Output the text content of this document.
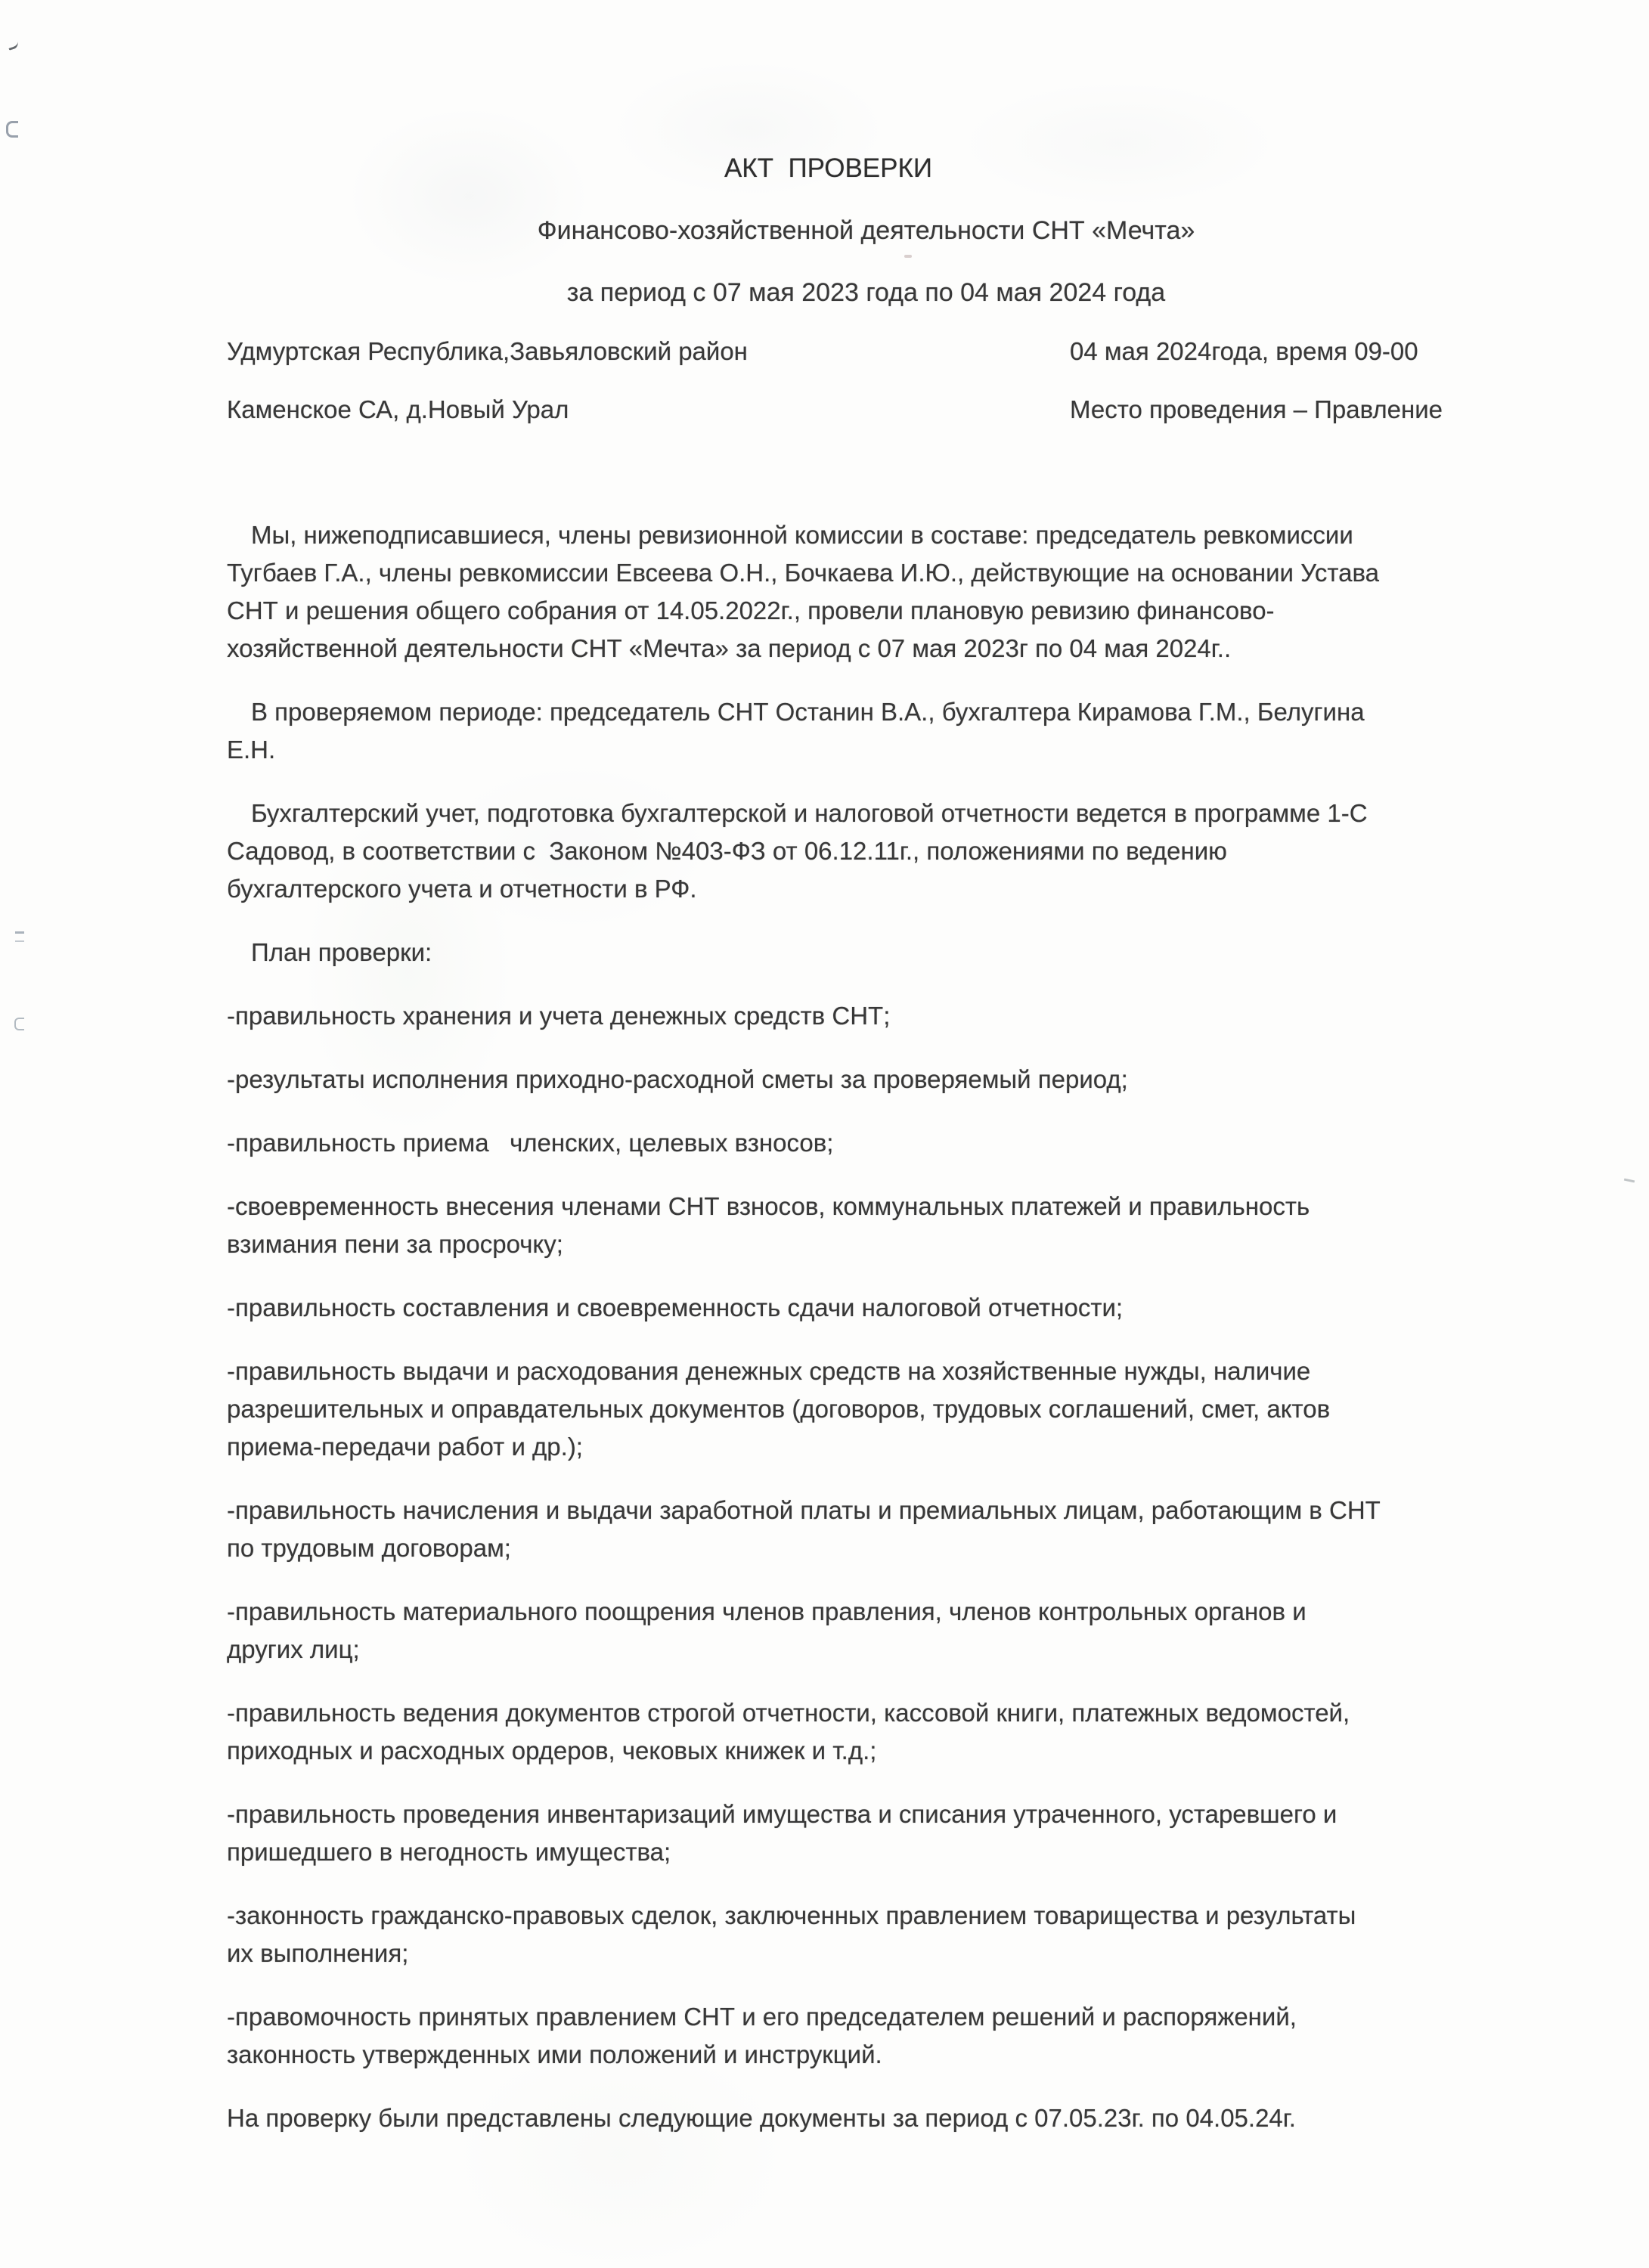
АКТ  ПРОВЕРКИ
Финансово-хозяйственной деятельности СНТ «Мечта»
за период с 07 мая 2023 года по 04 мая 2024 года

Удмуртская Республика,Завьяловский район

	04 мая 2024года, время 09-00

Каменское СА, д.Новый Урал

	Место проведения – Правление

Мы, нижеподписавшиеся, члены ревизионной комиссии в составе: председатель ревкомиссии
Тугбаев Г.А., члены ревкомиссии Евсеева О.Н., Бочкаева И.Ю., действующие на основании Устава
СНТ и решения общего собрания от 14.05.2022г., провели плановую ревизию финансово-
хозяйственной деятельности СНТ «Мечта» за период с 07 мая 2023г по 04 мая 2024г..
В проверяемом периоде: председатель СНТ Останин В.А., бухгалтера Кирамова Г.М., Белугина
Е.Н.
Бухгалтерский учет, подготовка бухгалтерской и налоговой отчетности ведется в программе 1-С
Садовод, в соответствии с  Законом №403-ФЗ от 06.12.11г., положениями по ведению
бухгалтерского учета и отчетности в РФ.
План проверки:
-правильность хранения и учета денежных средств СНТ;
-результаты исполнения приходно-расходной сметы за проверяемый период;
-правильность приема   членских, целевых взносов;
-своевременность внесения членами СНТ взносов, коммунальных платежей и правильность
взимания пени за просрочку;
-правильность составления и своевременность сдачи налоговой отчетности;
-правильность выдачи и расходования денежных средств на хозяйственные нужды, наличие
разрешительных и оправдательных документов (договоров, трудовых соглашений, смет, актов
приема-передачи работ и др.);
-правильность начисления и выдачи заработной платы и премиальных лицам, работающим в СНТ
по трудовым договорам;
-правильность материального поощрения членов правления, членов контрольных органов и
других лиц;
-правильность ведения документов строгой отчетности, кассовой книги, платежных ведомостей,
приходных и расходных ордеров, чековых книжек и т.д.;
-правильность проведения инвентаризаций имущества и списания утраченного, устаревшего и
пришедшего в негодность имущества;
-законность гражданско-правовых сделок, заключенных правлением товарищества и результаты
их выполнения;
-правомочность принятых правлением СНТ и его председателем решений и распоряжений,
законность утвержденных ими положений и инструкций.
На проверку были представлены следующие документы за период с 07.05.23г. по 04.05.24г.
